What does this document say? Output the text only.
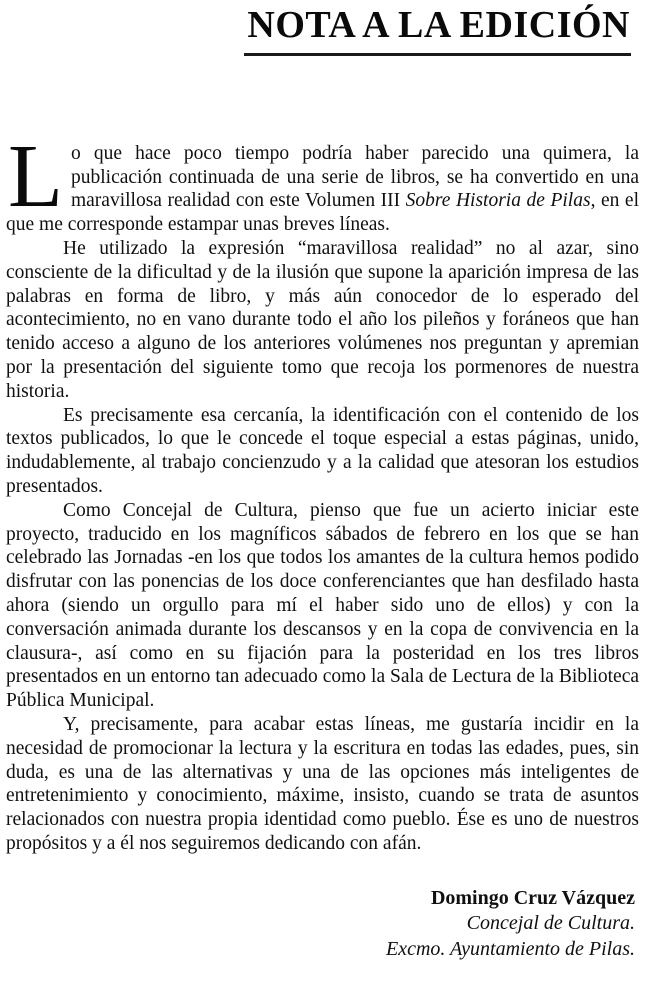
NOTA A LA EDICIÓN

Lo que hace poco tiempo podría haber parecido una quimera, la publicación continuada de una serie de libros, se ha convertido en una maravillosa realidad con este Volumen III Sobre Historia de Pilas, en el que me corresponde estampar unas breves líneas.

He utilizado la expresión “maravillosa realidad” no al azar, sino consciente de la dificultad y de la ilusión que supone la aparición impresa de las palabras en forma de libro, y más aún conocedor de lo esperado del acontecimiento, no en vano durante todo el año los pileños y foráneos que han tenido acceso a alguno de los anteriores volúmenes nos preguntan y apremian por la presentación del siguiente tomo que recoja los pormenores de nuestra historia.

Es precisamente esa cercanía, la identificación con el contenido de los textos publicados, lo que le concede el toque especial a estas páginas, unido, indudablemente, al trabajo concienzudo y a la calidad que atesoran los estudios presentados.

Como Concejal de Cultura, pienso que fue un acierto iniciar este proyecto, traducido en los magníficos sábados de febrero en los que se han celebrado las Jornadas -en los que todos los amantes de la cultura hemos podido disfrutar con las ponencias de los doce conferenciantes que han desfilado hasta ahora (siendo un orgullo para mí el haber sido uno de ellos) y con la conversación animada durante los descansos y en la copa de convivencia en la clausura-, así como en su fijación para la posteridad en los tres libros presentados en un entorno tan adecuado como la Sala de Lectura de la Biblioteca Pública Municipal.

Y, precisamente, para acabar estas líneas, me gustaría incidir en la necesidad de promocionar la lectura y la escritura en todas las edades, pues, sin duda, es una de las alternativas y una de las opciones más inteligentes de entretenimiento y conocimiento, máxime, insisto, cuando se trata de asuntos relacionados con nuestra propia identidad como pueblo. Ése es uno de nuestros propósitos y a él nos seguiremos dedicando con afán.

Domingo Cruz Vázquez
Concejal de Cultura.
Excmo. Ayuntamiento de Pilas.
